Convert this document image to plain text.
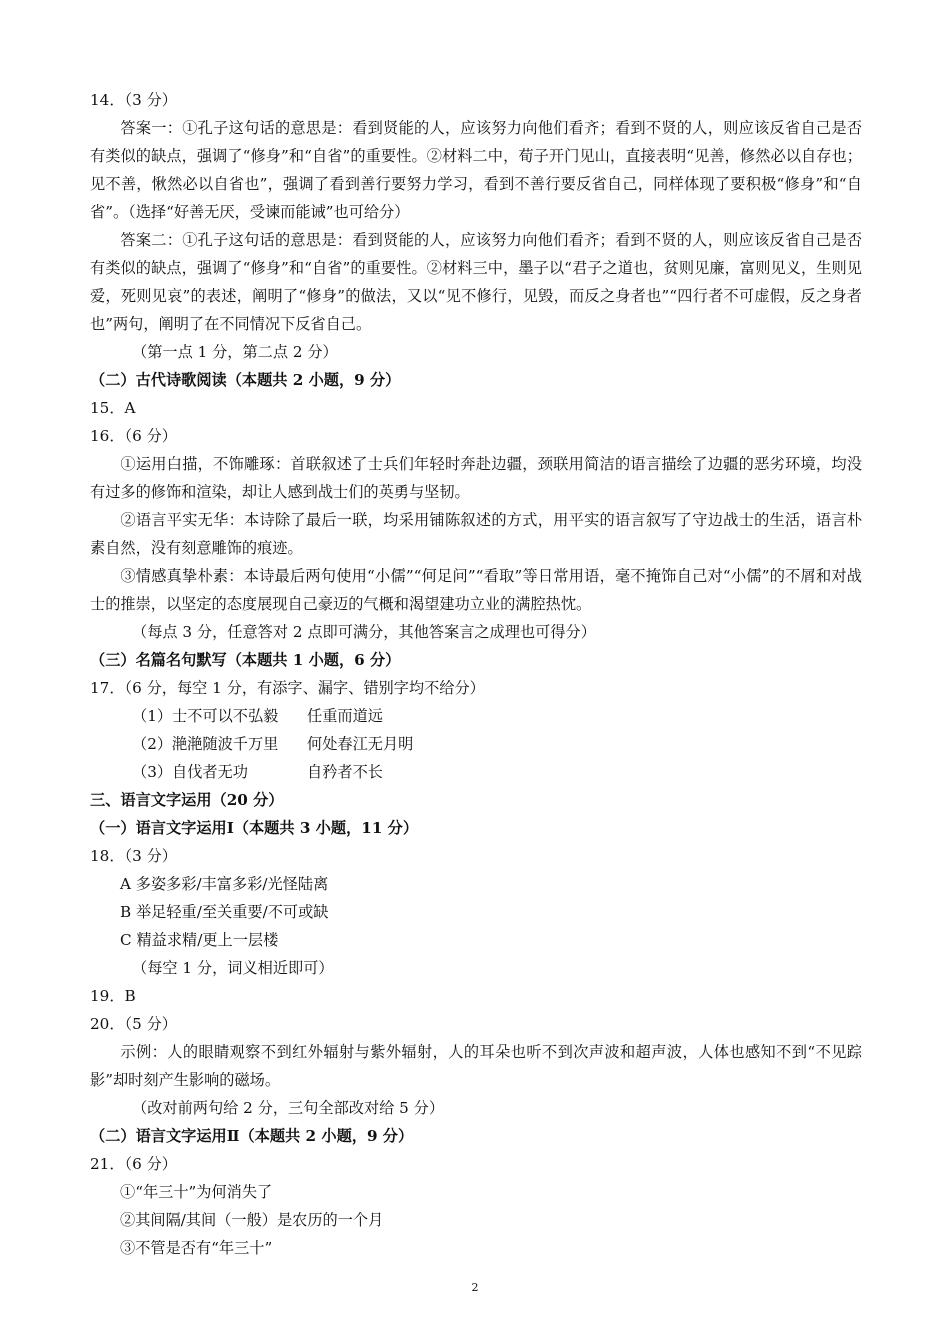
14．（3 分）
答案一：①孔子这句话的意思是：看到贤能的人，应该努力向他们看齐；看到不贤的人，则应该反省自己是否有类似的缺点，强调了“修身”和“自省”的重要性。②材料二中，荀子开门见山，直接表明“见善，修然必以自存也；见不善，愀然必以自省也”，强调了看到善行要努力学习，看到不善行要反省自己，同样体现了要积极“修身”和“自省”。（选择“好善无厌，受谏而能诫”也可给分）
答案二：①孔子这句话的意思是：看到贤能的人，应该努力向他们看齐；看到不贤的人，则应该反省自己是否有类似的缺点，强调了“修身”和“自省”的重要性。②材料三中，墨子以“君子之道也，贫则见廉，富则见义，生则见爱，死则见哀”的表述，阐明了“修身”的做法，又以“见不修行，见毁，而反之身者也”“四行者不可虚假，反之身者也”两句，阐明了在不同情况下反省自己。
（第一点 1 分，第二点 2 分）
（二）古代诗歌阅读（本题共 2 小题，9 分）
15．A
16．（6 分）
①运用白描，不饰雕琢：首联叙述了士兵们年轻时奔赴边疆，颈联用简洁的语言描绘了边疆的恶劣环境，均没有过多的修饰和渲染，却让人感到战士们的英勇与坚韧。
②语言平实无华：本诗除了最后一联，均采用铺陈叙述的方式，用平实的语言叙写了守边战士的生活，语言朴素自然，没有刻意雕饰的痕迹。
③情感真挚朴素：本诗最后两句使用“小儒”“何足问”“看取”等日常用语，毫不掩饰自己对“小儒”的不屑和对战士的推崇，以坚定的态度展现自己豪迈的气概和渴望建功立业的满腔热忱。
（每点 3 分，任意答对 2 点即可满分，其他答案言之成理也可得分）
（三）名篇名句默写（本题共 1 小题，6 分）
17．（6 分，每空 1 分，有添字、漏字、错别字均不给分）
（1）士不可以不弘毅 任重而道远
（2）滟滟随波千万里 何处春江无月明
（3）自伐者无功	自矜者不长
三、语言文字运用（20 分）
（一）语言文字运用Ⅰ（本题共 3 小题，11 分）
18．（3 分）
A 多姿多彩/丰富多彩/光怪陆离
B 举足轻重/至关重要/不可或缺
C 精益求精/更上一层楼
（每空 1 分，词义相近即可）
19．B
20．（5 分）
示例：人的眼睛观察不到红外辐射与紫外辐射，人的耳朵也听不到次声波和超声波，人体也感知不到“不见踪影”却时刻产生影响的磁场。
（改对前两句给 2 分，三句全部改对给 5 分）
（二）语言文字运用Ⅱ（本题共 2 小题，9 分）
21．（6 分）
①“年三十”为何消失了
②其间隔/其间（一般）是农历的一个月
③不管是否有“年三十”
2
